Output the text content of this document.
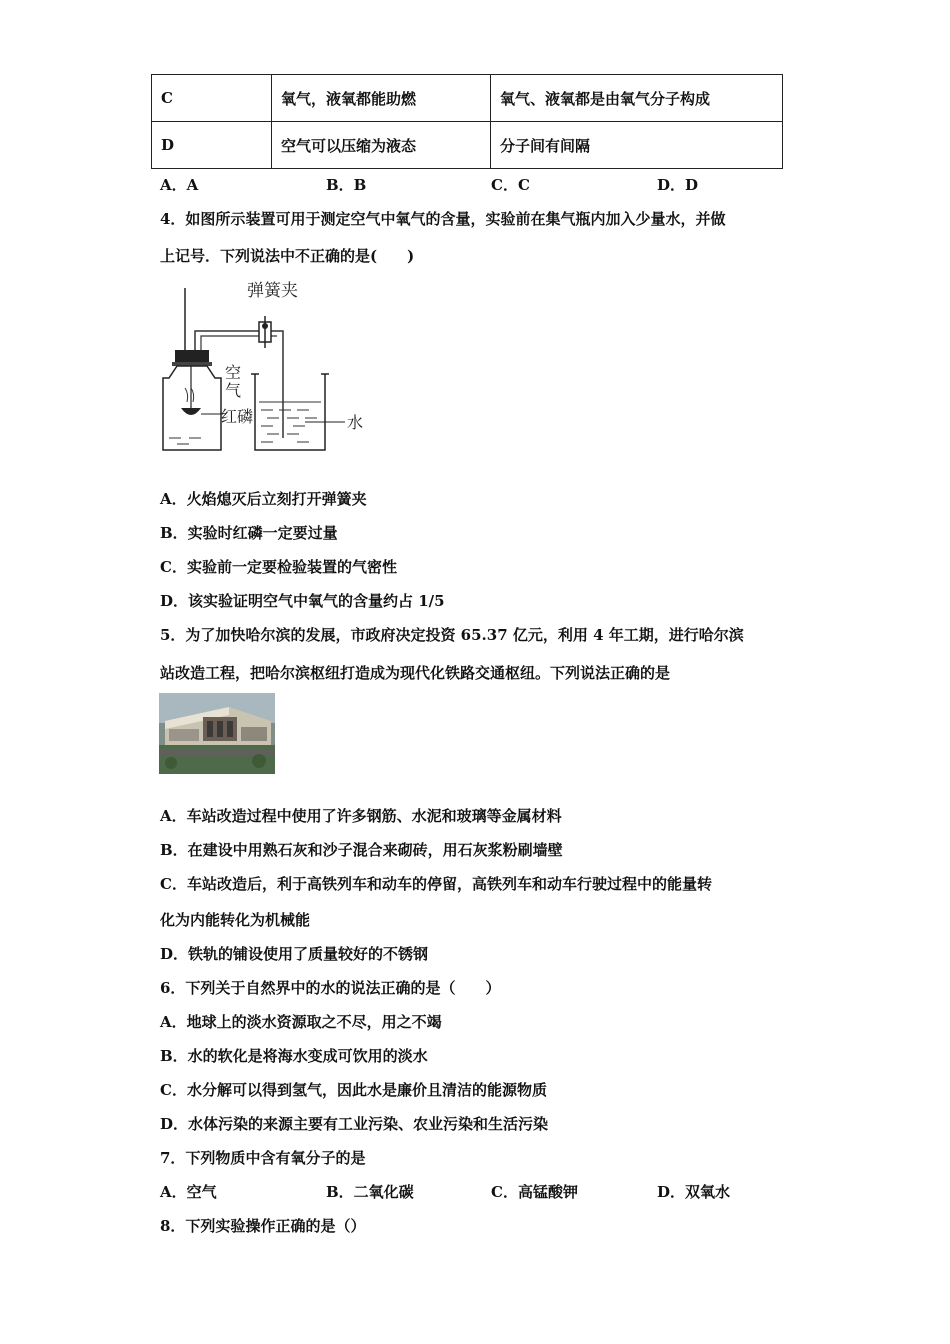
C	氧气，液氧都能助燃	氧气、液氧都是由氧气分子构成
D	空气可以压缩为液态	分子间有间隔
A．A	B．B	C．C	D．D
4．如图所示装置可用于测定空气中氧气的含量，实验前在集气瓶内加入少量水，并做
上记号．下列说法中不正确的是(　　)
弹簧夹
空
气
红磷	水
A．火焰熄灭后立刻打开弹簧夹
B．实验时红磷一定要过量
C．实验前一定要检验装置的气密性
D．该实验证明空气中氧气的含量约占 1/5
5．为了加快哈尔滨的发展，市政府决定投资 65.37 亿元，利用 4 年工期，进行哈尔滨
站改造工程，把哈尔滨枢纽打造成为现代化铁路交通枢纽。下列说法正确的是
A．车站改造过程中使用了许多钢筋、水泥和玻璃等金属材料
B．在建设中用熟石灰和沙子混合来砌砖，用石灰浆粉刷墙壁
C．车站改造后，利于高铁列车和动车的停留，高铁列车和动车行驶过程中的能量转
化为内能转化为机械能
D．铁轨的铺设使用了质量较好的不锈钢
6．下列关于自然界中的水的说法正确的是（　　）
A．地球上的淡水资源取之不尽，用之不竭
B．水的软化是将海水变成可饮用的淡水
C．水分解可以得到氢气，因此水是廉价且清洁的能源物质
D．水体污染的来源主要有工业污染、农业污染和生活污染
7．下列物质中含有氧分子的是
A．空气	B．二氧化碳	C．高锰酸钾	D．双氧水
8．下列实验操作正确的是（）
